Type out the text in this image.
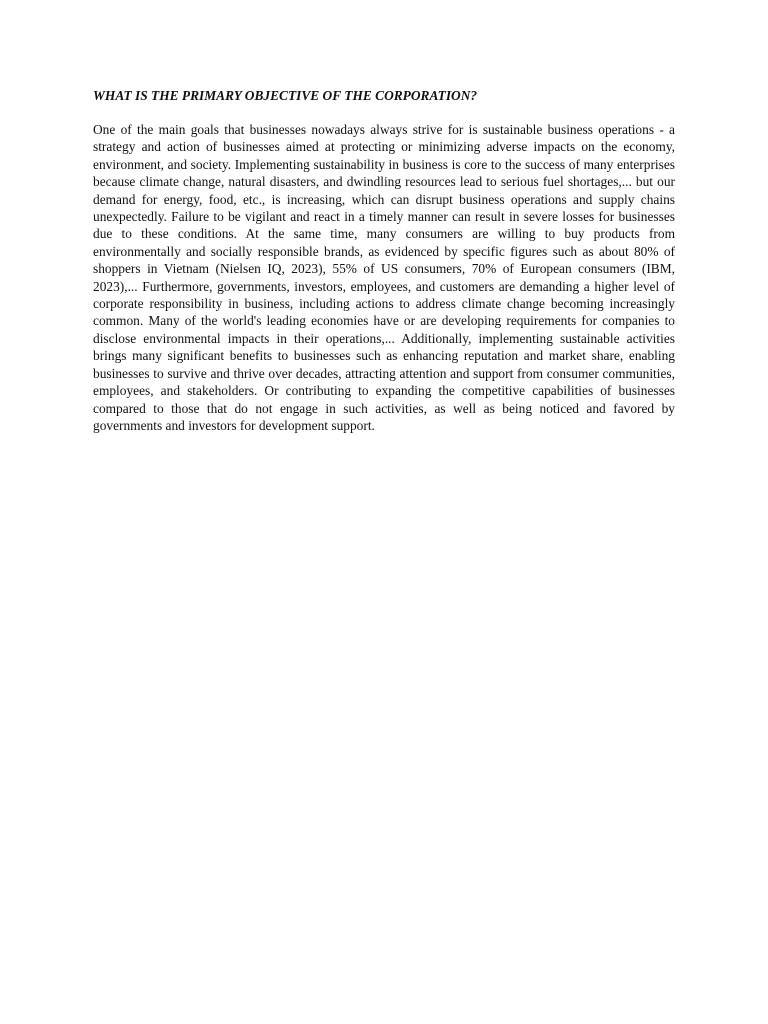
WHAT IS THE PRIMARY OBJECTIVE OF THE CORPORATION?

One of the main goals that businesses nowadays always strive for is sustainable business operations - a strategy and action of businesses aimed at protecting or minimizing adverse impacts on the economy, environment, and society. Implementing sustainability in business is core to the success of many enterprises because climate change, natural disasters, and dwindling resources lead to serious fuel shortages,... but our demand for energy, food, etc., is increasing, which can disrupt business operations and supply chains unexpectedly. Failure to be vigilant and react in a timely manner can result in severe losses for businesses due to these conditions. At the same time, many consumers are willing to buy products from environmentally and socially responsible brands, as evidenced by specific figures such as about 80% of shoppers in Vietnam (Nielsen IQ, 2023), 55% of US consumers, 70% of European consumers (IBM, 2023),... Furthermore, governments, investors, employees, and customers are demanding a higher level of corporate responsibility in business, including actions to address climate change becoming increasingly common. Many of the world's leading economies have or are developing requirements for companies to disclose environmental impacts in their operations,... Additionally, implementing sustainable activities brings many significant benefits to businesses such as enhancing reputation and market share, enabling businesses to survive and thrive over decades, attracting attention and support from consumer communities, employees, and stakeholders. Or contributing to expanding the competitive capabilities of businesses compared to those that do not engage in such activities, as well as being noticed and favored by governments and investors for development support.
